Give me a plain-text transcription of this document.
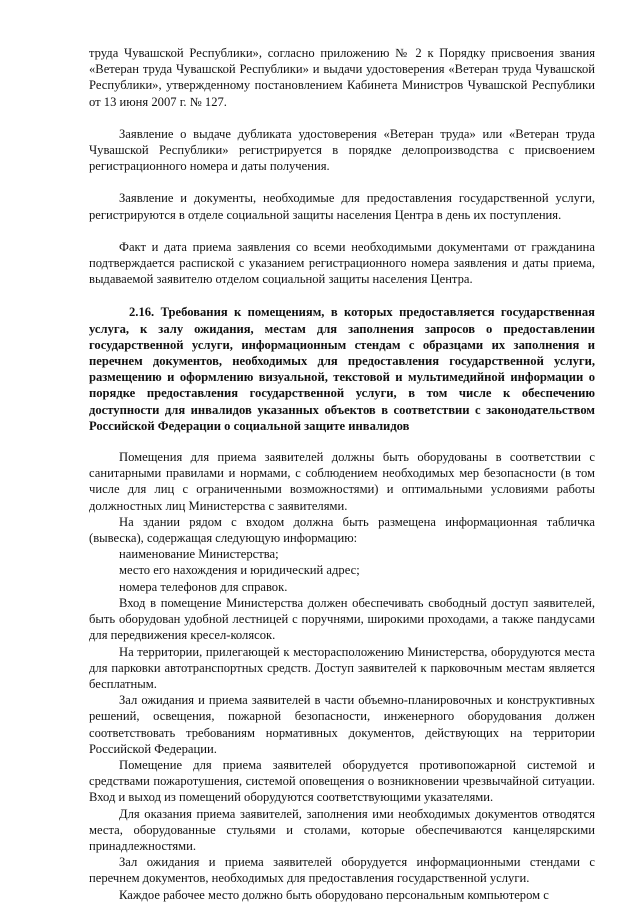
труда Чувашской Республики», согласно приложению № 2 к Порядку присвоения звания «Ветеран труда Чувашской Республики» и выдачи удостоверения «Ветеран труда Чувашской Республики», утвержденному постановлением Кабинета Министров Чувашской Республики от 13 июня 2007 г. № 127.

Заявление о выдаче дубликата удостоверения «Ветеран труда» или «Ветеран труда Чувашской Республики» регистрируется в порядке делопроизводства с присвоением регистрационного номера и даты получения.

Заявление и документы, необходимые для предоставления государственной услуги, регистрируются в отделе социальной защиты населения Центра в день их поступления.

Факт и дата приема заявления со всеми необходимыми документами от гражданина подтверждается распиской с указанием регистрационного номера заявления и даты приема, выдаваемой заявителю отделом социальной защиты населения Центра.

2.16. Требования к помещениям, в которых предоставляется государственная услуга, к залу ожидания, местам для заполнения запросов о предоставлении государственной услуги, информационным стендам с образцами их заполнения и перечнем документов, необходимых для предоставления государственной услуги, размещению и оформлению визуальной, текстовой и мультимедийной информации о порядке предоставления государственной услуги, в том числе к обеспечению доступности для инвалидов указанных объектов в соответствии с законодательством Российской Федерации о социальной защите инвалидов

Помещения для приема заявителей должны быть оборудованы в соответствии с санитарными правилами и нормами, с соблюдением необходимых мер безопасности (в том числе для лиц с ограниченными возможностями) и оптимальными условиями работы должностных лиц Министерства с заявителями.

На здании рядом с входом должна быть размещена информационная табличка (вывеска), содержащая следующую информацию:

наименование Министерства;

место его нахождения и юридический адрес;

номера телефонов для справок.

Вход в помещение Министерства должен обеспечивать свободный доступ заявителей, быть оборудован удобной лестницей с поручнями, широкими проходами, а также пандусами для передвижения кресел-колясок.

На территории, прилегающей к месторасположению Министерства, оборудуются места для парковки автотранспортных средств. Доступ заявителей к парковочным местам является бесплатным.

Зал ожидания и приема заявителей в части объемно-планировочных и конструктивных решений, освещения, пожарной безопасности, инженерного оборудования должен соответствовать требованиям нормативных документов, действующих на территории Российской Федерации.

Помещение для приема заявителей оборудуется противопожарной системой и средствами пожаротушения, системой оповещения о возникновении чрезвычайной ситуации. Вход и выход из помещений оборудуются соответствующими указателями.

Для оказания приема заявителей, заполнения ими необходимых документов отводятся места, оборудованные стульями и столами, которые обеспечиваются канцелярскими принадлежностями.

Зал ожидания и приема заявителей оборудуется информационными стендами с перечнем документов, необходимых для предоставления государственной услуги.

Каждое рабочее место должно быть оборудовано персональным компьютером с
